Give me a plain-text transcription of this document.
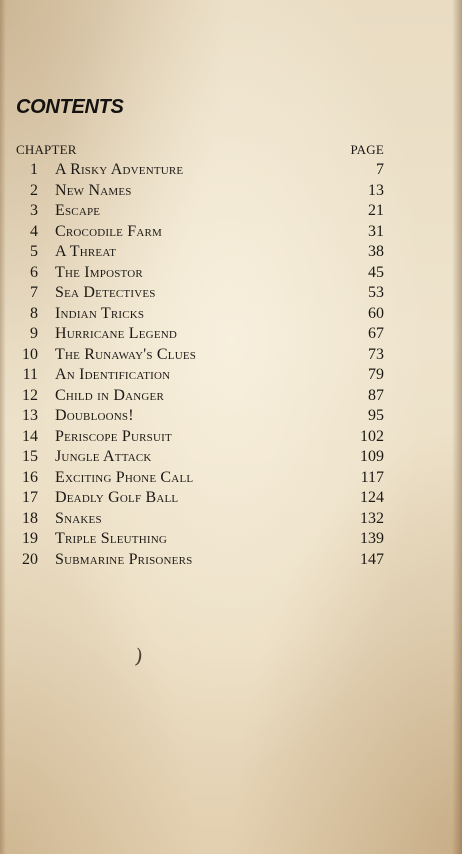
CONTENTS
CHAPTER	PAGE
1 A Risky Adventure	7
2 New Names	13
3 Escape	21
4 Crocodile Farm	31
5 A Threat	38
6 The Impostor	45
7 Sea Detectives	53
8 Indian Tricks	60
9 Hurricane Legend	67
10 The Runaway's Clues	73
11 An Identification	79
12 Child in Danger	87
13 Doubloons!	95
14 Periscope Pursuit	102
15 Jungle Attack	109
16 Exciting Phone Call	117
17 Deadly Golf Ball	124
18 Snakes	132
19 Triple Sleuthing	139
20 Submarine Prisoners	147
)
